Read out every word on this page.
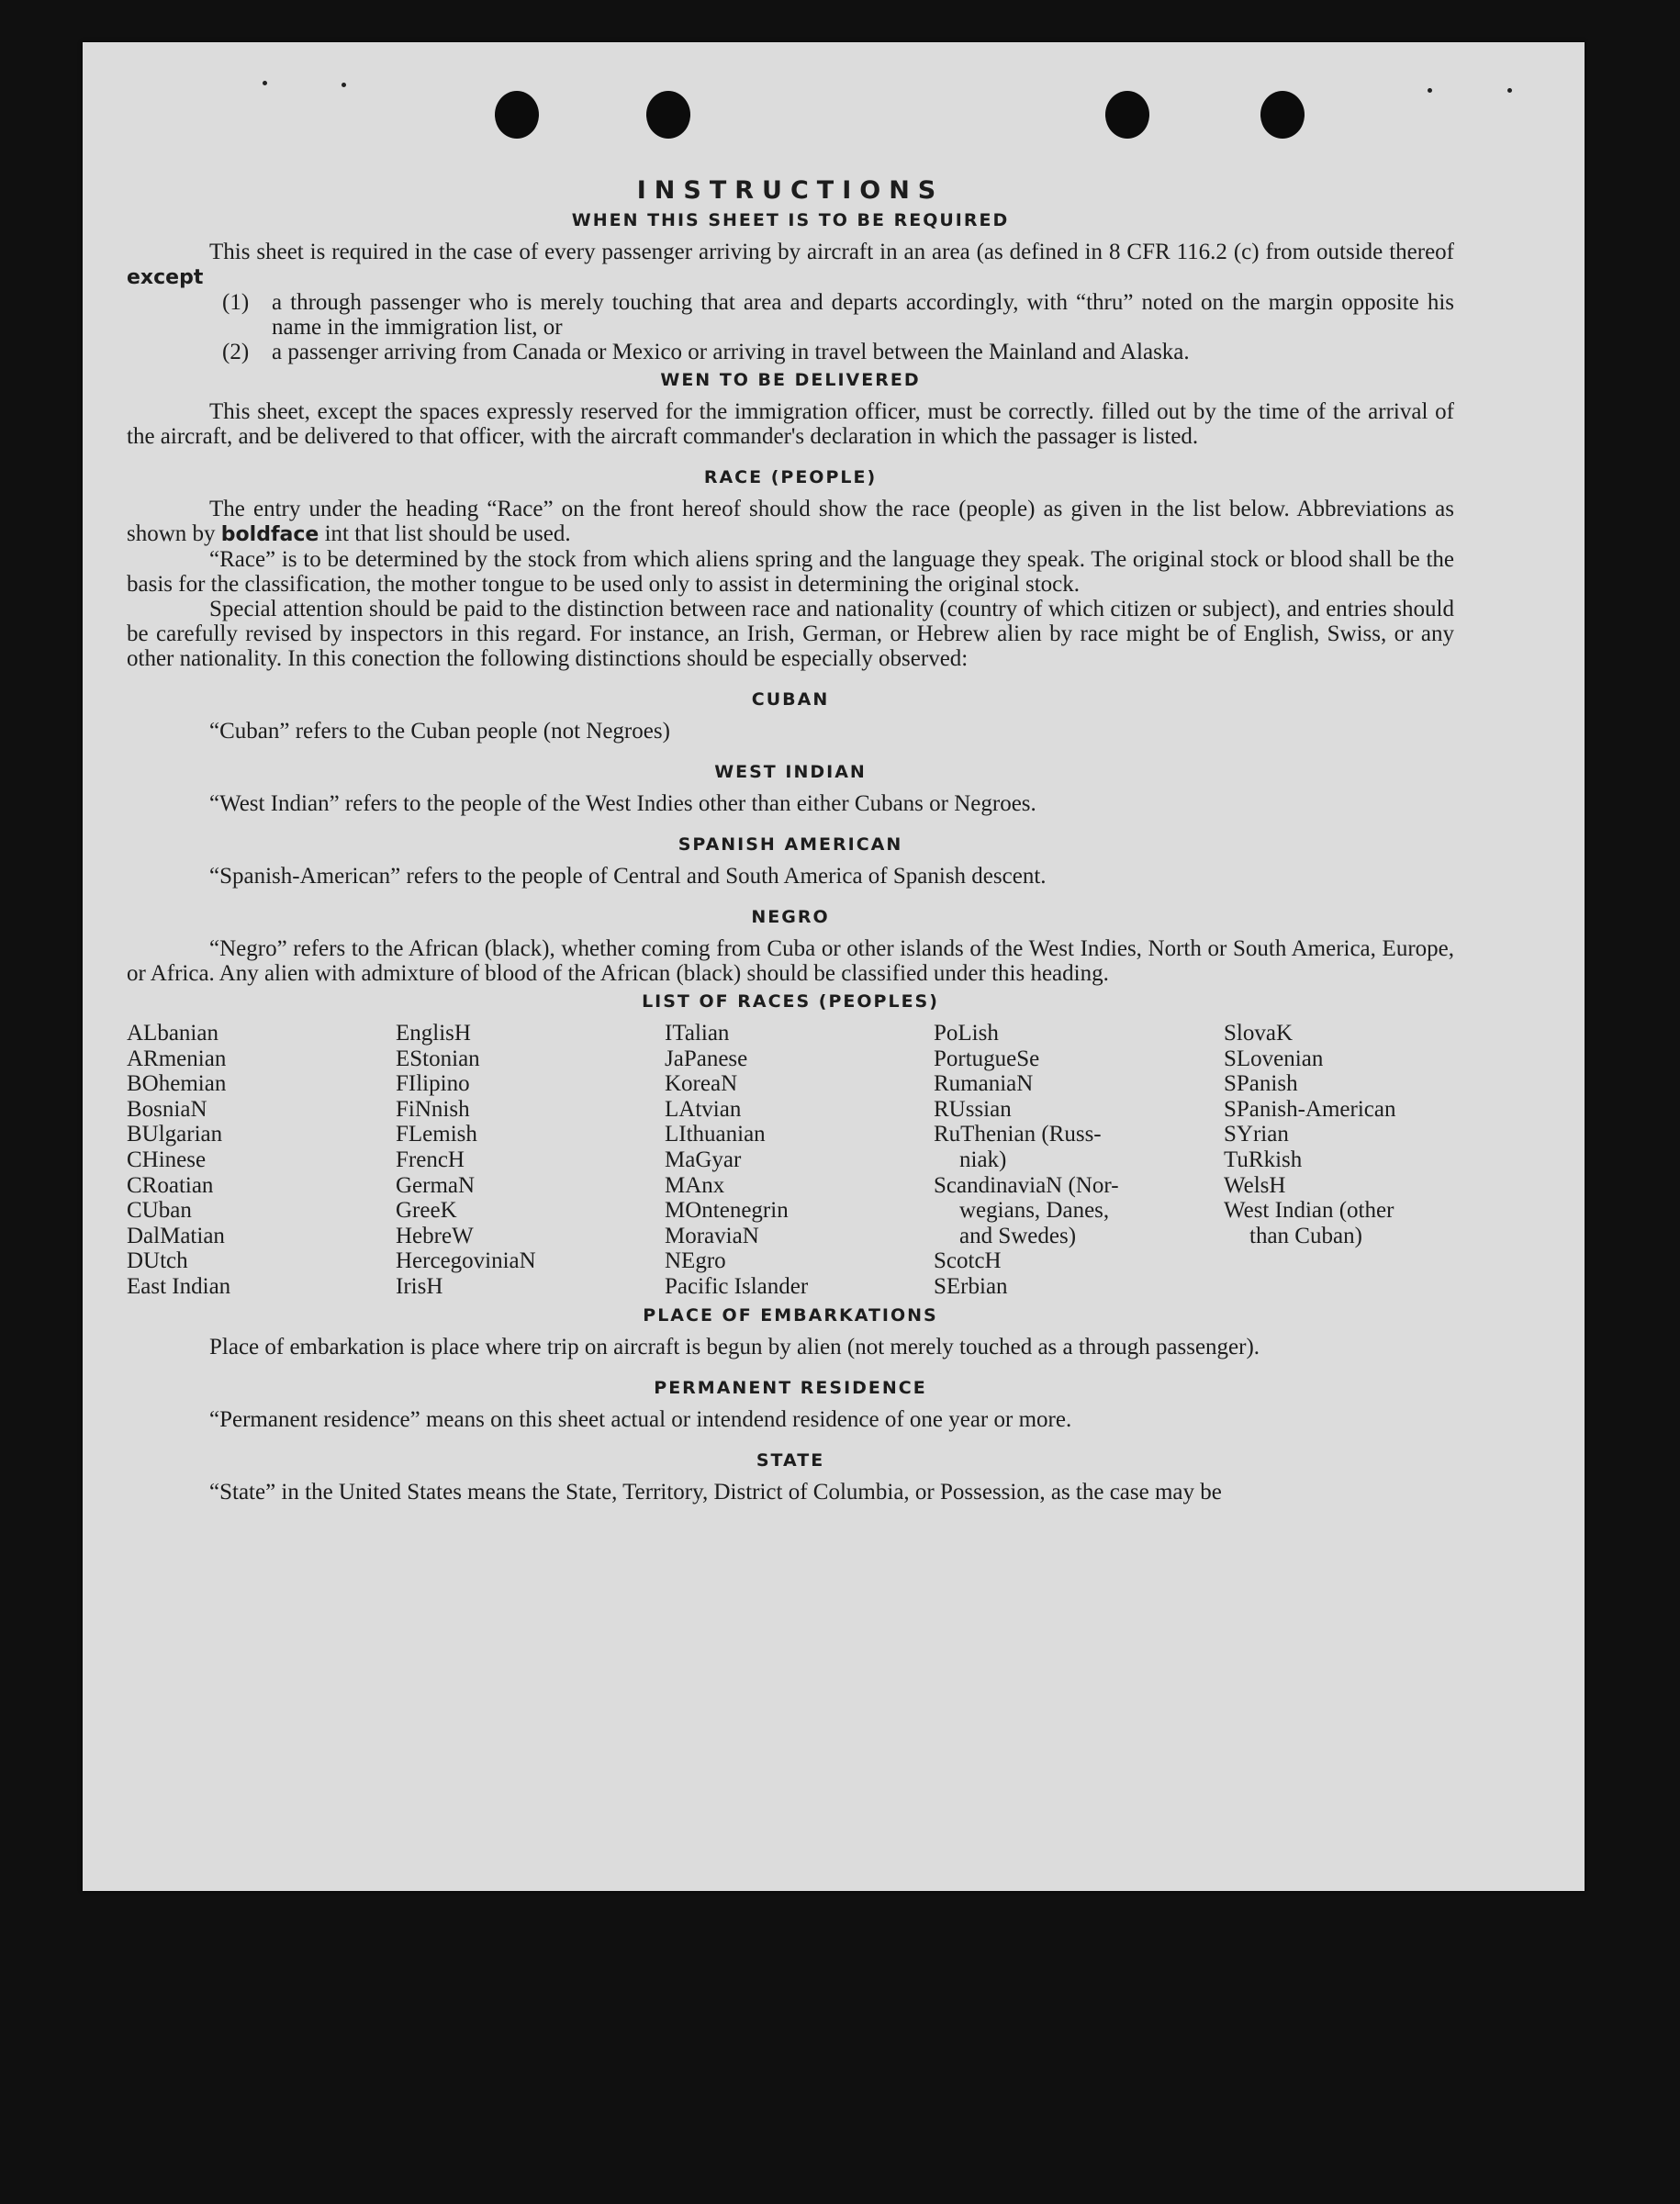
INSTRUCTIONS
WHEN THIS SHEET IS TO BE REQUIRED

This sheet is required in the case of every passenger arriving by aircraft in an area (as defined in 8 CFR 116.2 (c) from outside thereof except

(1) a through passenger who is merely touching that area and departs accordingly, with “thru” noted on the margin opposite his name in the immigration list, or
(2) a passenger arriving from Canada or Mexico or arriving in travel between the Mainland and Alaska.
WEN TO BE DELIVERED

This sheet, except the spaces expressly reserved for the immigration officer, must be correctly. filled out by the time of the arrival of the aircraft, and be delivered to that officer, with the aircraft commander's declaration in which the passager is listed.

RACE (PEOPLE)

The entry under the heading “Race” on the front hereof should show the race (people) as given in the list below. Abbreviations as shown by boldface int that list should be used.

“Race” is to be determined by the stock from which aliens spring and the language they speak. The original stock or blood shall be the basis for the classification, the mother tongue to be used only to assist in determining the original stock.

Special attention should be paid to the distinction between race and nationality (country of which citizen or subject), and entries should be carefully revised by inspectors in this regard. For instance, an Irish, German, or Hebrew alien by race might be of English, Swiss, or any other nationality. In this conection the following distinctions should be especially observed:

CUBAN

“Cuban” refers to the Cuban people (not Negroes)

WEST INDIAN

“West Indian” refers to the people of the West Indies other than either Cubans or Negroes.

SPANISH AMERICAN

“Spanish-American” refers to the people of Central and South America of Spanish descent.

NEGRO

“Negro” refers to the African (black), whether coming from Cuba or other islands of the West Indies, North or South America, Europe, or Africa. Any alien with admixture of blood of the African (black) should be classified under this heading.

LIST OF RACES (PEOPLES)
ALbanian
ARmenian
BOhemian
BosniaN
BUlgarian
CHinese
CRoatian
CUban
DalMatian
DUtch
East Indian
EnglisH
EStonian
FIlipino
FiNnish
FLemish
FrencH
GermaN
GreeK
HebreW
HercegoviniaN
IrisH
ITalian
JaPanese
KoreaN
LAtvian
LIthuanian
MaGyar
MAnx
MOntenegrin
MoraviaN
NEgro
Pacific Islander
PoLish
PortugueSe
RumaniaN
RUssian
RuThenian (Russ-
niak)
ScandinaviaN (Nor-
wegians, Danes,
and Swedes)
ScotcH
SErbian
SlovaK
SLovenian
SPanish
SPanish-American
SYrian
TuRkish
WelsH
West Indian (other
than Cuban)
PLACE OF EMBARKATIONS

Place of embarkation is place where trip on aircraft is begun by alien (not merely touched as a through passenger).

PERMANENT RESIDENCE

“Permanent residence” means on this sheet actual or intendend residence of one year or more.

STATE

“State” in the United States means the State, Territory, District of Columbia, or Possession, as the case may be
